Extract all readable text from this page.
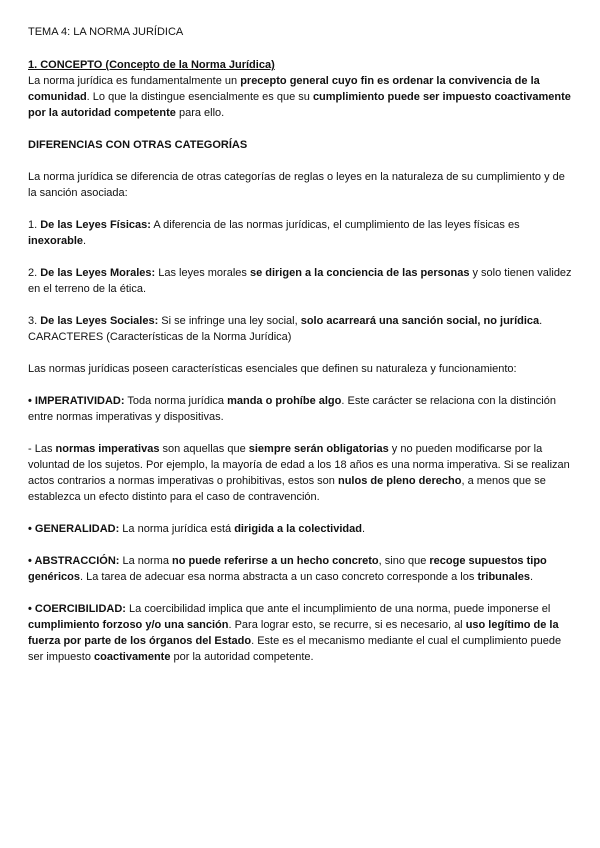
TEMA 4: LA NORMA JURÍDICA

1. CONCEPTO (Concepto de la Norma Jurídica)

La norma jurídica es fundamentalmente un precepto general cuyo fin es ordenar la convivencia de la comunidad. Lo que la distingue esencialmente es que su cumplimiento puede ser impuesto coactivamente por la autoridad competente para ello.

DIFERENCIAS CON OTRAS CATEGORÍAS

La norma jurídica se diferencia de otras categorías de reglas o leyes en la naturaleza de su cumplimiento y de la sanción asociada:

1. De las Leyes Físicas: A diferencia de las normas jurídicas, el cumplimiento de las leyes físicas es inexorable.

2. De las Leyes Morales: Las leyes morales se dirigen a la conciencia de las personas y solo tienen validez en el terreno de la ética.

3. De las Leyes Sociales: Si se infringe una ley social, solo acarreará una sanción social, no jurídica.
CARACTERES (Características de la Norma Jurídica)

Las normas jurídicas poseen características esenciales que definen su naturaleza y funcionamiento:

• IMPERATIVIDAD: Toda norma jurídica manda o prohíbe algo. Este carácter se relaciona con la distinción entre normas imperativas y dispositivas.

- Las normas imperativas son aquellas que siempre serán obligatorias y no pueden modificarse por la voluntad de los sujetos. Por ejemplo, la mayoría de edad a los 18 años es una norma imperativa. Si se realizan actos contrarios a normas imperativas o prohibitivas, estos son nulos de pleno derecho, a menos que se establezca un efecto distinto para el caso de contravención.

• GENERALIDAD: La norma jurídica está dirigida a la colectividad.

• ABSTRACCIÓN: La norma no puede referirse a un hecho concreto, sino que recoge supuestos tipo genéricos. La tarea de adecuar esa norma abstracta a un caso concreto corresponde a los tribunales.

• COERCIBILIDAD: La coercibilidad implica que ante el incumplimiento de una norma, puede imponerse el cumplimiento forzoso y/o una sanción. Para lograr esto, se recurre, si es necesario, al uso legítimo de la fuerza por parte de los órganos del Estado. Este es el mecanismo mediante el cual el cumplimiento puede ser impuesto coactivamente por la autoridad competente.
